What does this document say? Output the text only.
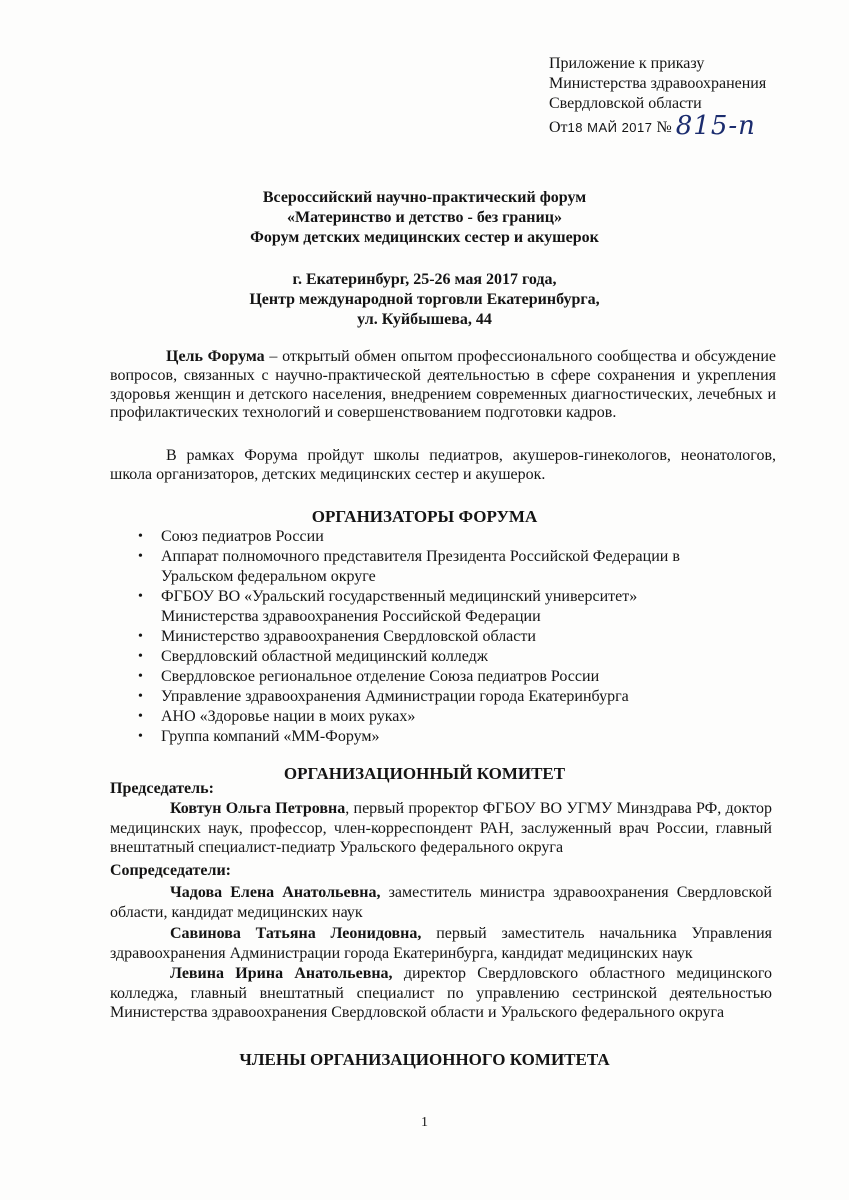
Приложение к приказу
Министерства здравоохранения
Свердловской области
От18 МАЙ 2017 № 815-п
Всероссийский научно-практический форум
«Материнство и детство - без границ»
Форум детских медицинских сестер и акушерок
г. Екатеринбург, 25-26 мая 2017 года,
Центр международной торговли Екатеринбурга,
ул. Куйбышева, 44
Цель Форума – открытый обмен опытом профессионального сообщества и обсуждение вопросов, связанных с научно-практической деятельностью в сфере сохранения и укрепления здоровья женщин и детского населения, внедрением современных диагностических, лечебных и профилактических технологий и совершенствованием подготовки кадров.
В рамках Форума пройдут школы педиатров, акушеров-гинекологов, неонатологов, школа организаторов, детских медицинских сестер и акушерок.
ОРГАНИЗАТОРЫ ФОРУМА
• Союз педиатров России
• Аппарат полномочного представителя Президента Российской Федерации в Уральском федеральном округе
• ФГБОУ ВО «Уральский государственный медицинский университет» Министерства здравоохранения Российской Федерации
• Министерство здравоохранения Свердловской области
• Свердловский областной медицинский колледж
• Свердловское региональное отделение Союза педиатров России
• Управление здравоохранения Администрации города Екатеринбурга
• АНО «Здоровье нации в моих руках»
• Группа компаний «ММ-Форум»
ОРГАНИЗАЦИОННЫЙ КОМИТЕТ
Председатель:
Ковтун Ольга Петровна, первый проректор ФГБОУ ВО УГМУ Минздрава РФ, доктор медицинских наук, профессор, член-корреспондент РАН, заслуженный врач России, главный внештатный специалист-педиатр Уральского федерального округа
Сопредседатели:
Чадова Елена Анатольевна, заместитель министра здравоохранения Свердловской области, кандидат медицинских наук
Савинова Татьяна Леонидовна, первый заместитель начальника Управления здравоохранения Администрации города Екатеринбурга, кандидат медицинских наук
Левина Ирина Анатольевна, директор Свердловского областного медицинского колледжа, главный внештатный специалист по управлению сестринской деятельностью Министерства здравоохранения Свердловской области и Уральского федерального округа
ЧЛЕНЫ ОРГАНИЗАЦИОННОГО КОМИТЕТА
1
